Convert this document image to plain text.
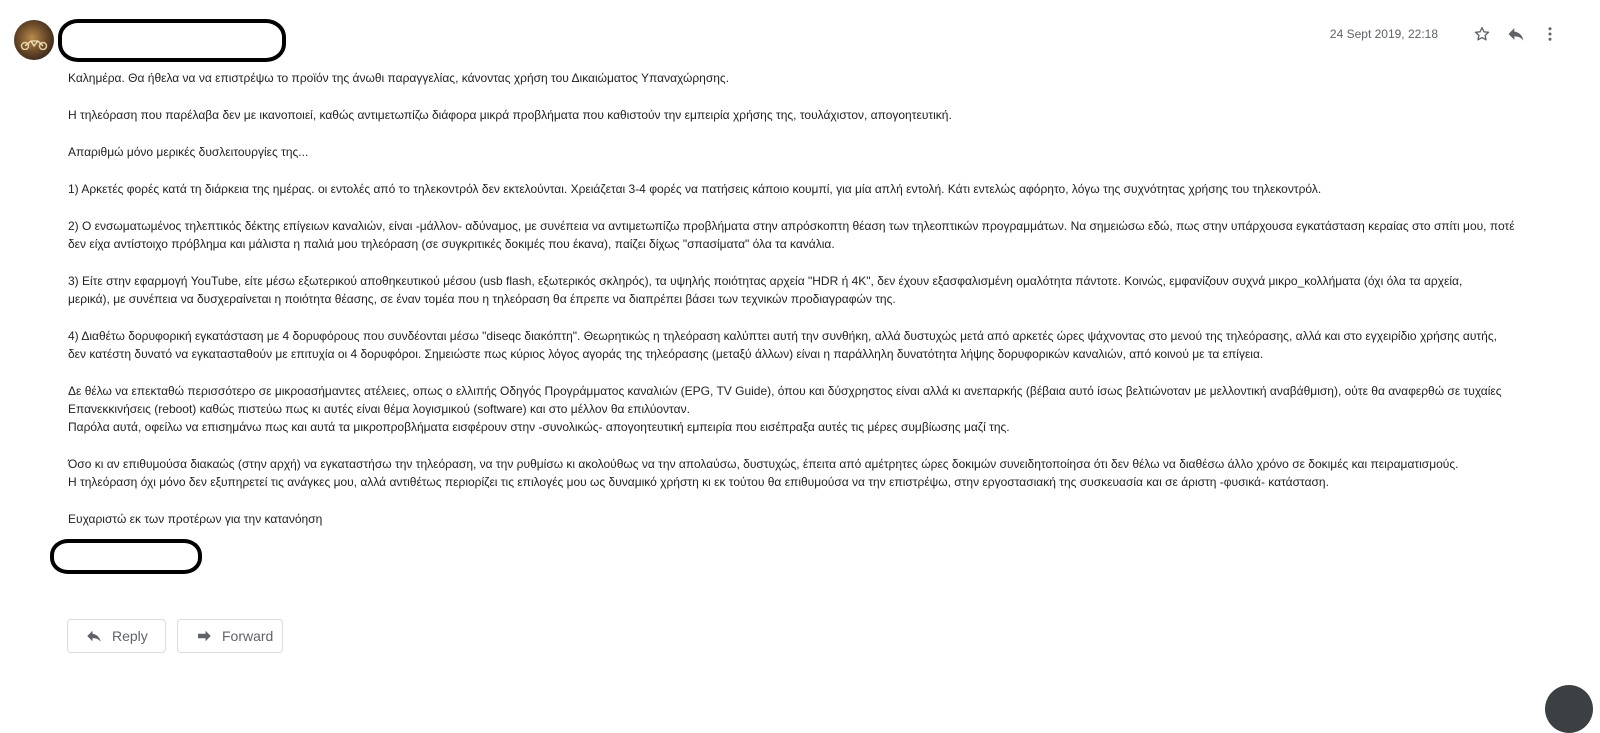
24 Sept 2019, 22:18

Καλημέρα. Θα ήθελα να να επιστρέψω το προϊόν της άνωθι παραγγελίας, κάνοντας χρήση του Δικαιώματος Υπαναχώρησης.

Η τηλεόραση που παρέλαβα δεν με ικανοποιεί, καθώς αντιμετωπίζω διάφορα μικρά προβλήματα που καθιστούν την εμπειρία χρήσης της, τουλάχιστον, απογοητευτική.

Απαριθμώ μόνο μερικές δυσλειτουργίες της...

1) Αρκετές φορές κατά τη διάρκεια της ημέρας. οι εντολές από το τηλεκοντρόλ δεν εκτελούνται. Χρειάζεται 3-4 φορές να πατήσεις κάποιο κουμπί, για μία απλή εντολή. Κάτι εντελώς αφόρητο, λόγω της συχνότητας χρήσης του τηλεκοντρόλ.

2) Ο ενσωματωμένος τηλεπτικός δέκτης επίγειων καναλιών, είναι -μάλλον- αδύναμος, με συνέπεια να αντιμετωπίζω προβλήματα στην απρόσκοπτη θέαση των τηλεοπτικών προγραμμάτων. Να σημειώσω εδώ, πως στην υπάρχουσα εγκατάσταση κεραίας στο σπίτι μου, ποτέ
δεν είχα αντίστοιχο πρόβλημα και μάλιστα η παλιά μου τηλεόραση (σε συγκριτικές δοκιμές που έκανα), παίζει δίχως "σπασίματα" όλα τα κανάλια.

3) Είτε στην εφαρμογή YouTube, είτε μέσω εξωτερικού αποθηκευτικού μέσου (usb flash, εξωτερικός σκληρός), τα υψηλής ποιότητας αρχεία "HDR ή 4K", δεν έχουν εξασφαλισμένη ομαλότητα πάντοτε. Κοινώς, εμφανίζουν συχνά μικρο_κολλήματα (όχι όλα τα αρχεία,
μερικά), με συνέπεια να δυσχεραίνεται η ποιότητα θέασης, σε έναν τομέα που η τηλεόραση θα έπρεπε να διαπρέπει βάσει των τεχνικών προδιαγραφών της.

4) Διαθέτω δορυφορική εγκατάσταση με 4 δορυφόρους που συνδέονται μέσω "diseqc διακόπτη". Θεωρητικώς η τηλεόραση καλύπτει αυτή την συνθήκη, αλλά δυστυχώς μετά από αρκετές ώρες ψάχνοντας στο μενού της τηλεόρασης, αλλά και στο εγχειρίδιο χρήσης αυτής,
δεν κατέστη δυνατό να εγκατασταθούν με επιτυχία οι 4 δορυφόροι. Σημειώστε πως κύριος λόγος αγοράς της τηλεόρασης (μεταξύ άλλων) είναι η παράλληλη δυνατότητα λήψης δορυφορικών καναλιών, από κοινού με τα επίγεια.

Δε θέλω να επεκταθώ περισσότερο σε μικροασήμαντες ατέλειες, οπως ο ελλιπής Οδηγός Προγράμματος καναλιών (EPG, TV Guide), όπου και δύσχρηστος είναι αλλά κι ανεπαρκής (βέβαια αυτό ίσως βελτιώνοταν με μελλοντική αναβάθμιση), ούτε θα αναφερθώ σε τυχαίες
Επανεκκινήσεις (reboot) καθώς πιστεύω πως κι αυτές είναι θέμα λογισμικού (software) και στο μέλλον θα επιλύονταν.
Παρόλα αυτά, οφείλω να επισημάνω πως και αυτά τα μικροπροβλήματα εισφέρουν στην -συνολικώς- απογοητευτική εμπειρία που εισέπραξα αυτές τις μέρες συμβίωσης μαζί της.

Όσο κι αν επιθυμούσα διακαώς (στην αρχή) να εγκαταστήσω την τηλεόραση, να την ρυθμίσω κι ακολούθως να την απολαύσω, δυστυχώς, έπειτα από αμέτρητες ώρες δοκιμών συνειδητοποίησα ότι δεν θέλω να διαθέσω άλλο χρόνο σε δοκιμές και πειραματισμούς.
Η τηλεόραση όχι μόνο δεν εξυπηρετεί τις ανάγκες μου, αλλά αντιθέτως περιορίζει τις επιλογές μου ως δυναμικό χρήστη κι εκ τούτου θα επιθυμούσα να την επιστρέψω, στην εργοστασιακή της συσκευασία και σε άριστη -φυσικά- κατάσταση.

Ευχαριστώ εκ των προτέρων για την κατανόηση

Reply	Forward
